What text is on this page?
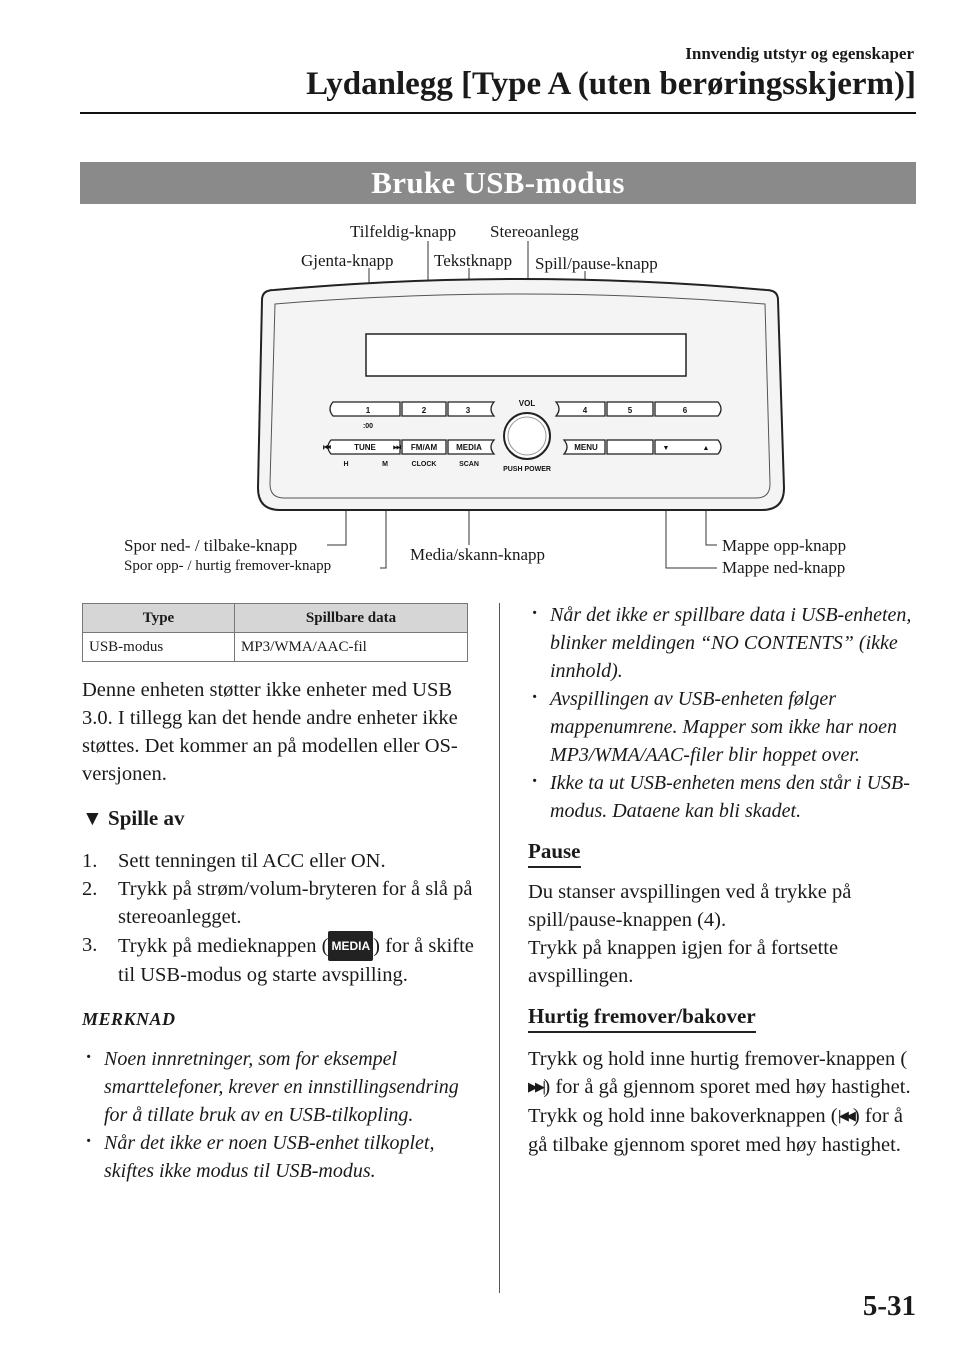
Innvendig utstyr og egenskaper
Lydanlegg [Type A (uten berøringsskjerm)]
Bruke USB-modus
Tilfeldig-knapp Stereoanlegg
Gjenta-knapp Tekstknapp Spill/pause-knapp
Spor ned- / tilbake-knapp
Spor opp- / hurtig fremover-knapp
Media/skann-knapp	Mappe opp-knapp
Mappe ned-knapp
1	2	3	4	5	6
:00
VOL
⏮	TUNE ⏭ FM/AM MEDIA	MENU	▼	▲
H	M	CLOCK	SCAN
PUSH POWER
Type	Spillbare data
USB-modus	MP3/WMA/AAC-fil
Denne enheten støtter ikke enheter med USB 3.0. I tillegg kan det hende andre enheter ikke støttes. Det kommer an på modellen eller OS-versjonen.
▼ Spille av
1. Sett tenningen til ACC eller ON.
2. Trykk på strøm/volum-bryteren for å slå på stereoanlegget.
3. Trykk på medieknappen ( MEDIA ) for å skifte til USB-modus og starte avspilling.
MERKNAD
· Noen innretninger, som for eksempel smarttelefoner, krever en innstillingsendring for å tillate bruk av en USB-tilkopling.
· Når det ikke er noen USB-enhet tilkoplet, skiftes ikke modus til USB-modus.
· Når det ikke er spillbare data i USB-enheten, blinker meldingen “NO CONTENTS” (ikke innhold).
· Avspillingen av USB-enheten følger mappenumrene. Mapper som ikke har noen MP3/WMA/AAC-filer blir hoppet over.
· Ikke ta ut USB-enheten mens den står i USB-modus. Dataene kan bli skadet.
Pause
Du stanser avspillingen ved å trykke på spill/pause-knappen (4).
Trykk på knappen igjen for å fortsette avspillingen.
Hurtig fremover/bakover
Trykk og hold inne hurtig fremover-knappen (▶▶|) for å gå gjennom sporet med høy hastighet.
Trykk og hold inne bakoverknappen (|◀◀) for å gå tilbake gjennom sporet med høy hastighet.
5-31
